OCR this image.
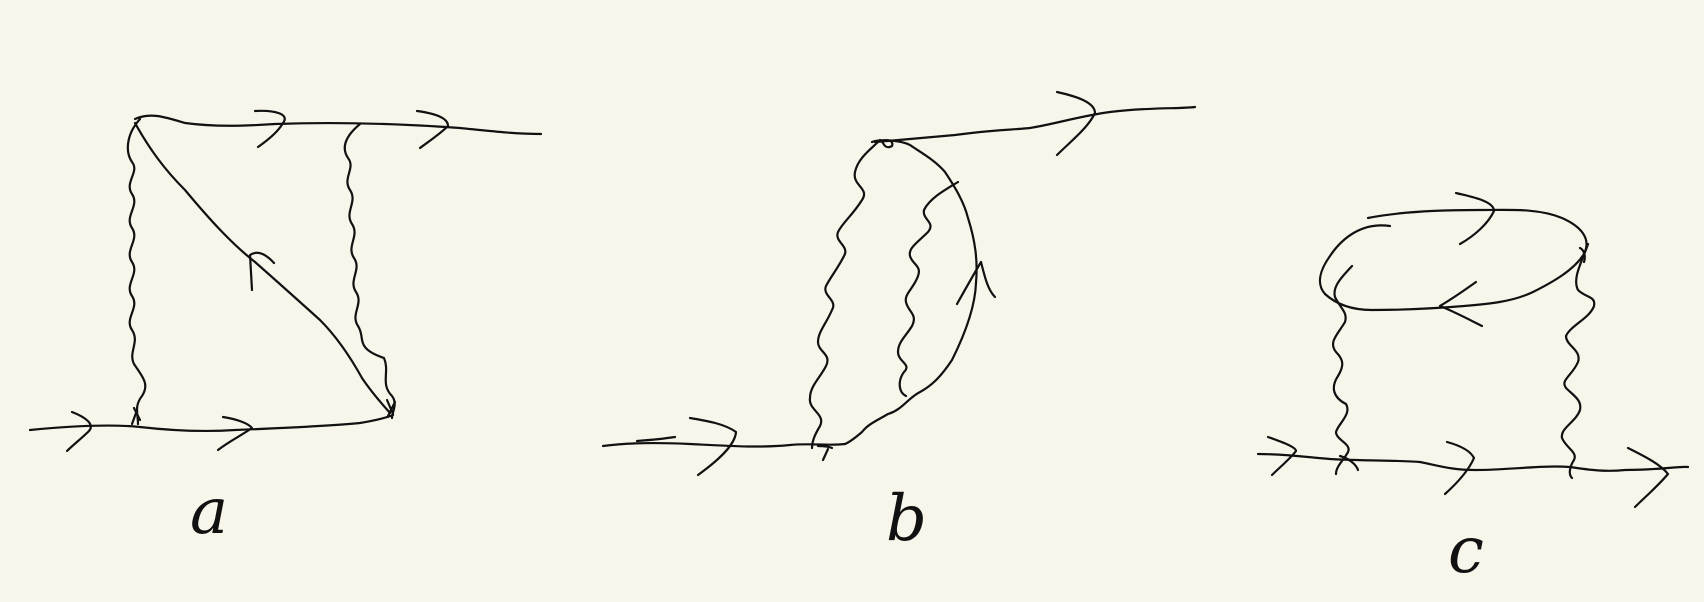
a	b	c
